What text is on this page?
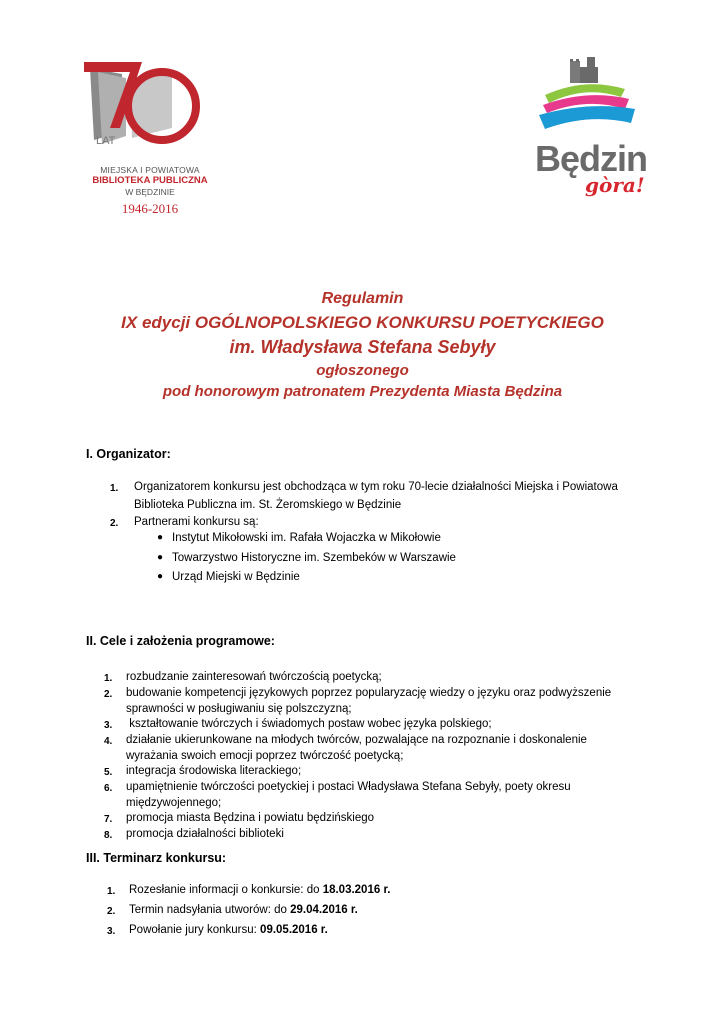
LAT
MIEJSKA I POWIATOWA
BIBLIOTEKA PUBLICZNA
W BĘDZINIE
1946-2016
Będzin
gòra!
Regulamin
IX edycji OGÓLNOPOLSKIEGO KONKURSU POETYCKIEGO
im. Władysława Stefana Sebyły
ogłoszonego
pod honorowym patronatem Prezydenta Miasta Będzina
I. Organizator:
1. Organizatorem konkursu jest obchodząca w tym roku 70-lecie działalności Miejska i Powiatowa
Biblioteka Publiczna im. St. Żeromskiego w Będzinie
2. Partnerami konkursu są:
● Instytut Mikołowski im. Rafała Wojaczka w Mikołowie
● Towarzystwo Historyczne im. Szembeków w Warszawie
● Urząd Miejski w Będzinie
II. Cele i założenia programowe:
1. rozbudzanie zainteresowań twórczością poetycką;
2. budowanie kompetencji językowych poprzez popularyzację wiedzy o języku oraz podwyższenie
sprawności w posługiwaniu się polszczyzną;
3. kształtowanie twórczych i świadomych postaw wobec języka polskiego;
4. działanie ukierunkowane na młodych twórców, pozwalające na rozpoznanie i doskonalenie
wyrażania swoich emocji poprzez twórczość poetycką;
5. integracja środowiska literackiego;
6. upamiętnienie twórczości poetyckiej i postaci Władysława Stefana Sebyły, poety okresu
międzywojennego;
7. promocja miasta Będzina i powiatu będzińskiego
8. promocja działalności biblioteki
III. Terminarz konkursu:
1. Rozesłanie informacji o konkursie: do 18.03.2016 r.
2. Termin nadsyłania utworów: do 29.04.2016 r.
3. Powołanie jury konkursu: 09.05.2016 r.
